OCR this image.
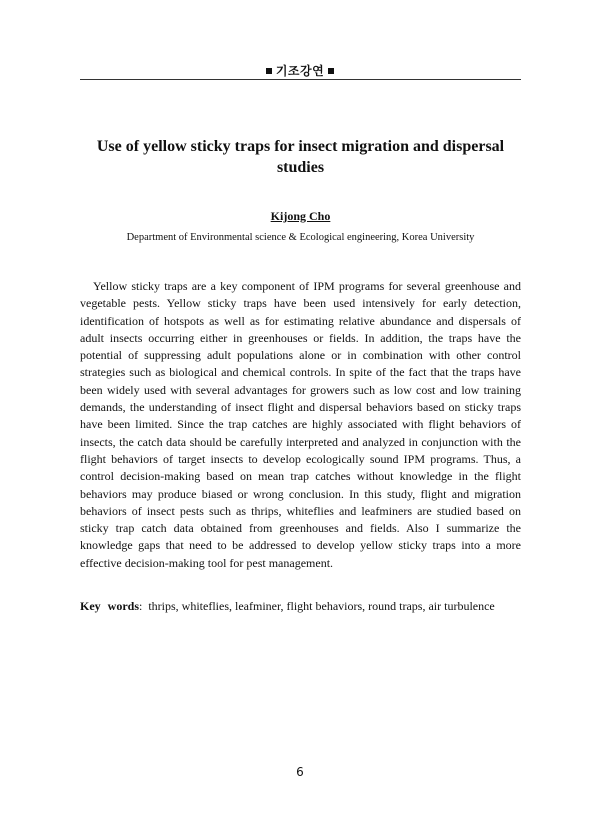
기조강연
Use of yellow sticky traps for insect migration and dispersal studies
Kijong Cho
Department of Environmental science & Ecological engineering, Korea University

Yellow sticky traps are a key component of IPM programs for several greenhouse and vegetable pests. Yellow sticky traps have been used intensively for early detection, identification of hotspots as well as for estimating relative abundance and dispersals of adult insects occurring either in greenhouses or fields. In addition, the traps have the potential of suppressing adult populations alone or in combination with other control strategies such as biological and chemical controls. In spite of the fact that the traps have been widely used with several advantages for growers such as low cost and low training demands, the understanding of insect flight and dispersal behaviors based on sticky traps have been limited. Since the trap catches are highly associated with flight behaviors of insects, the catch data should be carefully interpreted and analyzed in conjunction with the flight behaviors of target insects to develop ecologically sound IPM programs. Thus, a control decision-making based on mean trap catches without knowledge in the flight behaviors may produce biased or wrong conclusion. In this study, flight and migration behaviors of insect pests such as thrips, whiteflies and leafminers are studied based on sticky trap catch data obtained from greenhouses and fields. Also I summarize the knowledge gaps that need to be addressed to develop yellow sticky traps into a more effective decision-making tool for pest management.

Key words:  thrips, whiteflies, leafminer, flight behaviors, round traps, air turbulence
6
